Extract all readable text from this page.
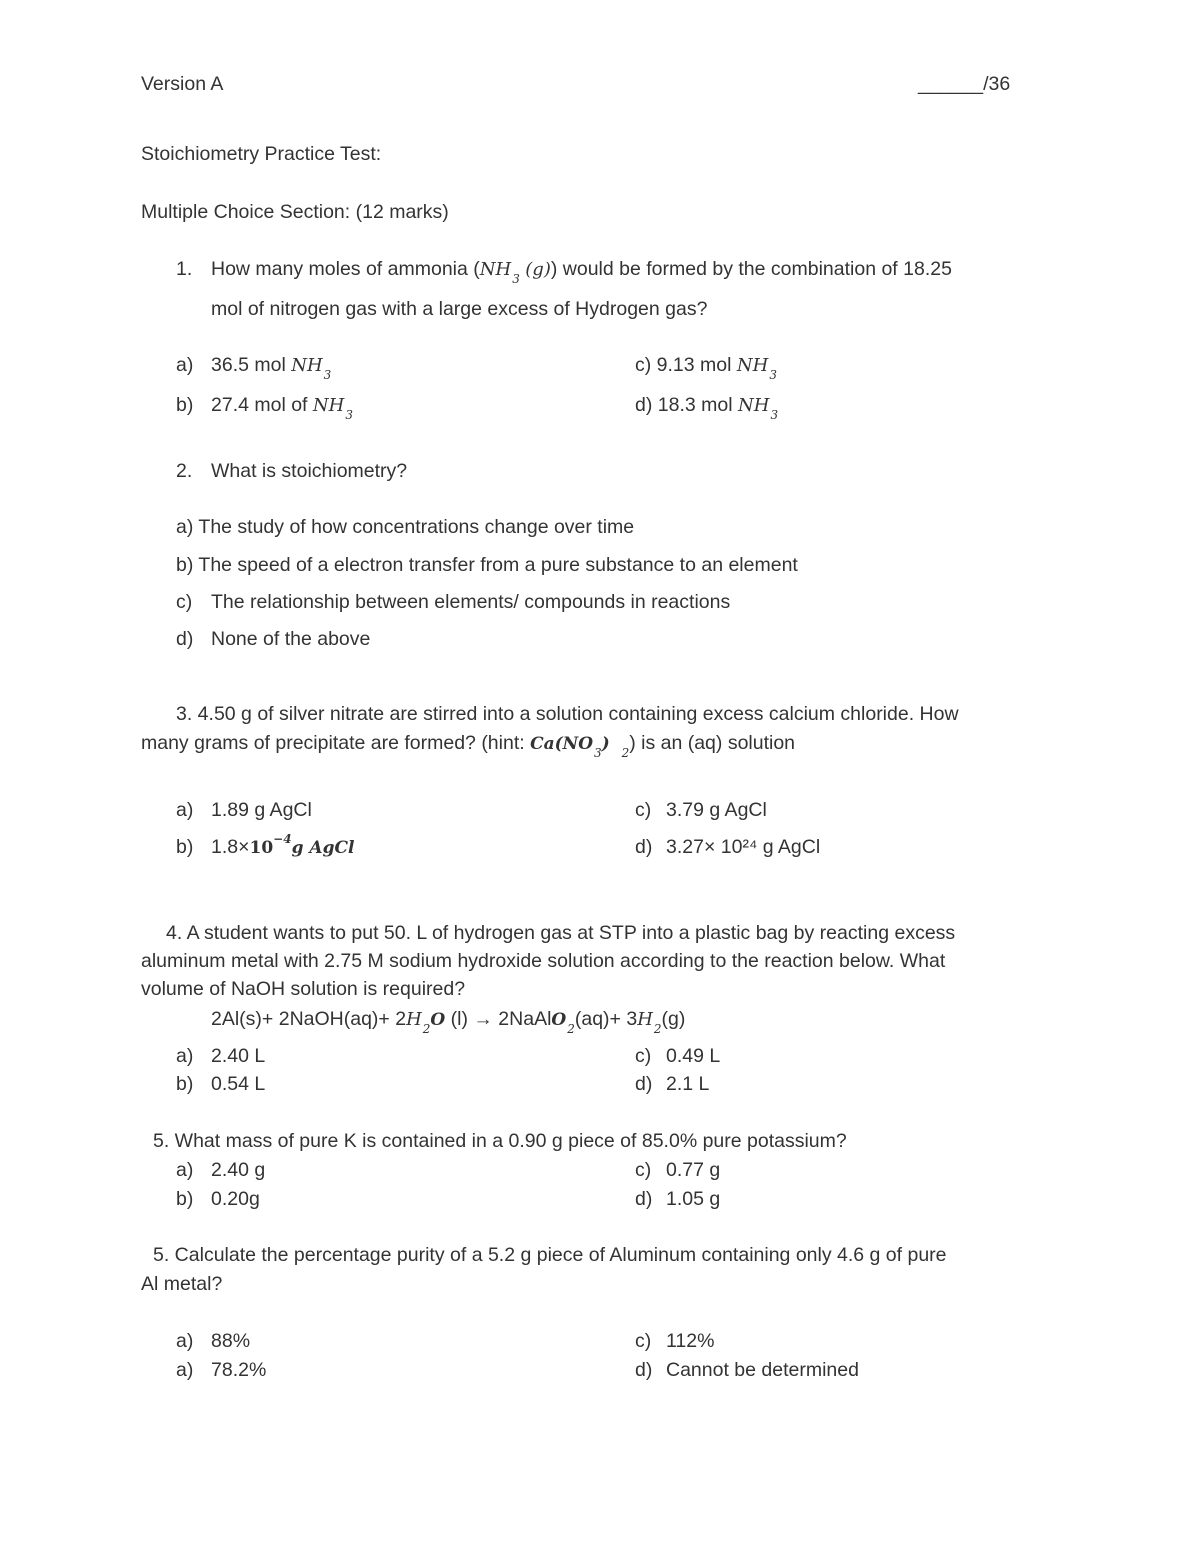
Version A	______/36
Stoichiometry Practice Test:
Multiple Choice Section: (12 marks)
1. How many moles of ammonia ($NH_3$ (g)) would be formed by the combination of 18.25
mol of nitrogen gas with a large excess of Hydrogen gas?
a) 36.5 mol $NH_3$	c) 9.13 mol $NH_3$
b) 27.4 mol of $NH_3$	d) 18.3 mol $NH_3$
2. What is stoichiometry?
a) The study of how concentrations change over time
b) The speed of a electron transfer from a pure substance to an element
c) The relationship between elements/ compounds in reactions
d) None of the above
3. 4.50 g of silver nitrate are stirred into a solution containing excess calcium chloride. How
many grams of precipitate are formed? (hint: $Ca(NO_3)$ $_2$) is an (aq) solution
a) 1.89 g AgCl	c) 3.79 g AgCl
b) $1.8\times 10^{-4}g$ AgCl	d) 3.27× 10²⁴ g AgCl
4. A student wants to put 50. L of hydrogen gas at STP into a plastic bag by reacting excess
aluminum metal with 2.75 M sodium hydroxide solution according to the reaction below. What
volume of NaOH solution is required?
2Al(s)+ 2NaOH(aq)+ $2H_2O$ (l) → 2NaAlO$_2$(aq)+ $3H_2(g)$
a) 2.40 L	c) 0.49 L
b) 0.54 L	d) 2.1 L
5. What mass of pure K is contained in a 0.90 g piece of 85.0% pure potassium?
a) 2.40 g	c) 0.77 g
b) 0.20g	d) 1.05 g
5. Calculate the percentage purity of a 5.2 g piece of Aluminum containing only 4.6 g of pure
Al metal?
a) 88%	c) 112%
a) 78.2%	d) Cannot be determined
